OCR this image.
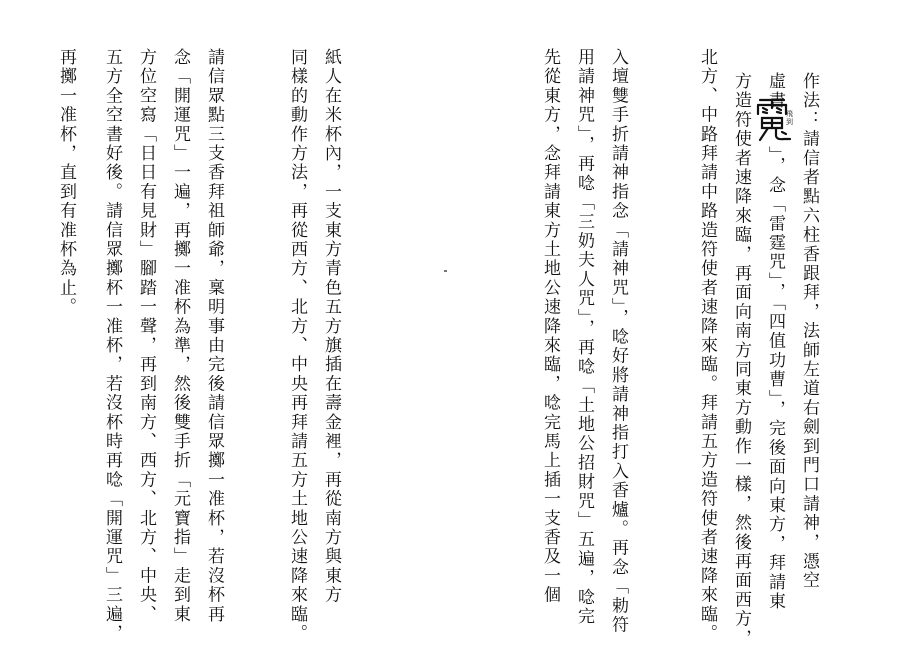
作法：請信者點六柱香跟拜，法師左道右劍到門口請神，憑空
虛書
飛
到
」，念「雷霆咒」，「四值功曹」，完後面向東方，拜請東
方造符使者速降來臨，再面向南方同東方動作一樣，然後再面西方，
北方、中路拜請中路造符使者速降來臨。拜請五方造符使者速降來臨。
入壇雙手折請神指念「請神咒」，唸好將請神指打入香爐。再念「勅符
用請神咒」，再唸「三奶夫人咒」，再唸「土地公招財咒」五遍，唸完
先從東方，念拜請東方土地公速降來臨，唸完馬上插一支香及一個
紙人在米杯內，一支東方青色五方旗插在壽金裡，再從南方與東方
同樣的動作方法，再從西方、北方、中央再拜請五方土地公速降來臨。
請信眾點三支香拜祖師爺，稟明事由完後請信眾擲一准杯，若沒杯再
念「開運咒」一遍，再擲一准杯為準，然後雙手折「元寶指」走到東
方位空寫「日日有見財」腳踏一聲，再到南方、西方、北方、中央、
五方全空書好後。請信眾擲杯一准杯，若沒杯時再唸「開運咒」三遍，
再擲一准杯，直到有准杯為止。
